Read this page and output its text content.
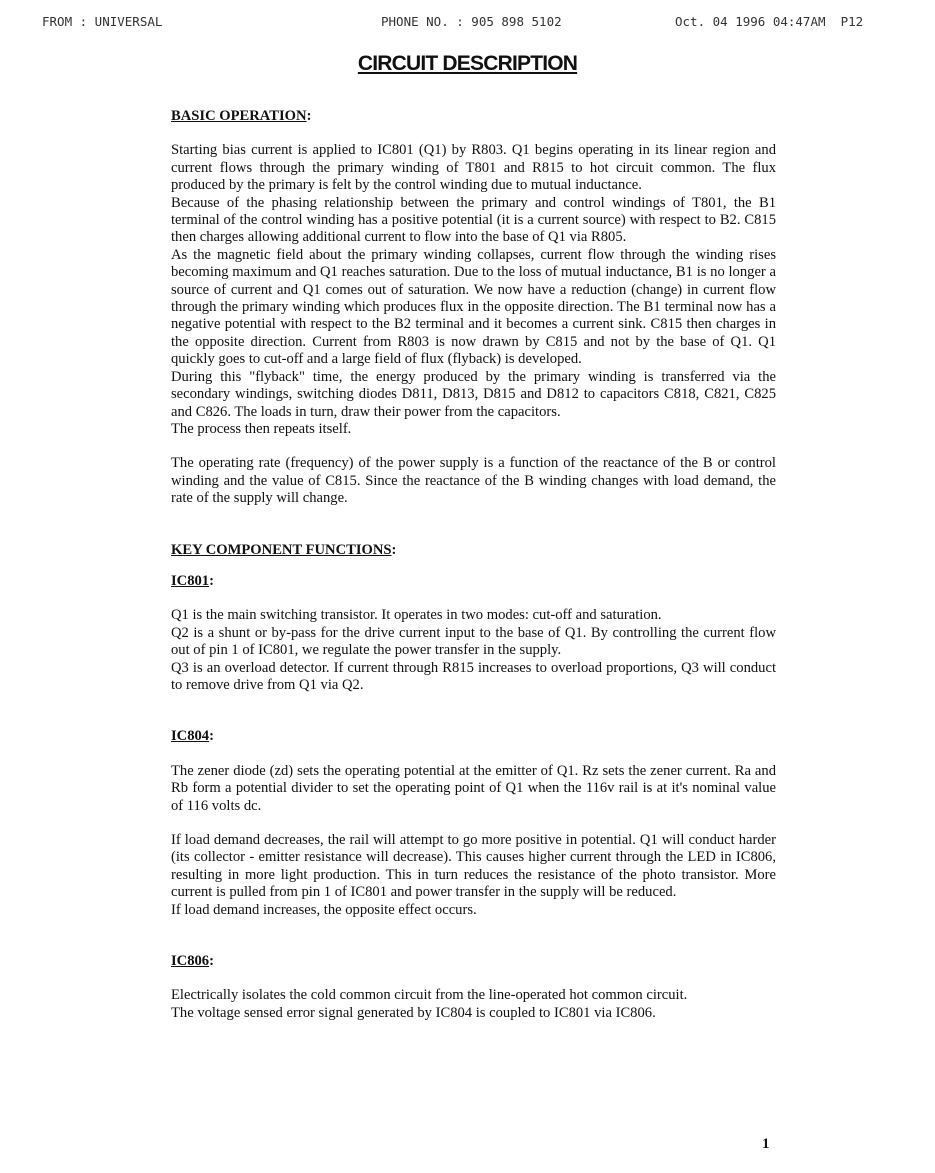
FROM : UNIVERSAL	PHONE NO. : 905 898 5102	Oct. 04 1996 04:47AM  P12
CIRCUIT DESCRIPTION

BASIC OPERATION:

Starting bias current is applied to IC801 (Q1) by R803. Q1 begins operating in its linear region and current flows through the primary winding of T801 and R815 to hot circuit common. The flux produced by the primary is felt by the control winding due to mutual inductance.

Because of the phasing relationship between the primary and control windings of T801, the B1 terminal of the control winding has a positive potential (it is a current source) with respect to B2. C815 then charges allowing additional current to flow into the base of Q1 via R805.

As the magnetic field about the primary winding collapses, current flow through the winding rises becoming maximum and Q1 reaches saturation. Due to the loss of mutual inductance, B1 is no longer a source of current and Q1 comes out of saturation. We now have a reduction (change) in current flow through the primary winding which produces flux in the opposite direction. The B1 terminal now has a negative potential with respect to the B2 terminal and it becomes a current sink. C815 then charges in the opposite direction. Current from R803 is now drawn by C815 and not by the base of Q1. Q1 quickly goes to cut-off and a large field of flux (flyback) is developed.

During this "flyback" time, the energy produced by the primary winding is transferred via the secondary windings, switching diodes D811, D813, D815 and D812 to capacitors C818, C821, C825 and C826. The loads in turn, draw their power from the capacitors.

The process then repeats itself.

The operating rate (frequency) of the power supply is a function of the reactance of the B or control winding and the value of C815. Since the reactance of the B winding changes with load demand, the rate of the supply will change.

KEY COMPONENT FUNCTIONS:

IC801:

Q1 is the main switching transistor. It operates in two modes: cut-off and saturation.

Q2 is a shunt or by-pass for the drive current input to the base of Q1. By controlling the current flow out of pin 1 of IC801, we regulate the power transfer in the supply.

Q3 is an overload detector. If current through R815 increases to overload proportions, Q3 will conduct to remove drive from Q1 via Q2.

IC804:

The zener diode (zd) sets the operating potential at the emitter of Q1. Rz sets the zener current. Ra and Rb form a potential divider to set the operating point of Q1 when the 116v rail is at it's nominal value of 116 volts dc.

If load demand decreases, the rail will attempt to go more positive in potential. Q1 will conduct harder (its collector - emitter resistance will decrease). This causes higher current through the LED in IC806, resulting in more light production. This in turn reduces the resistance of the photo transistor. More current is pulled from pin 1 of IC801 and power transfer in the supply will be reduced.

If load demand increases, the opposite effect occurs.

IC806:

Electrically isolates the cold common circuit from the line-operated hot common circuit.

The voltage sensed error signal generated by IC804 is coupled to IC801 via IC806.

1
